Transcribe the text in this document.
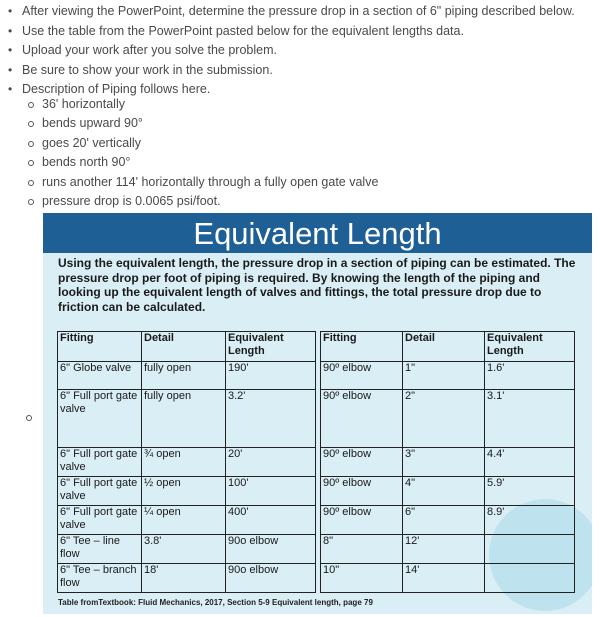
• After viewing the PowerPoint, determine the pressure drop in a section of 6" piping described below.
• Use the table from the PowerPoint pasted below for the equivalent lengths data.
• Upload your work after you solve the problem.
• Be sure to show your work in the submission.
• Description of Piping follows here.
36' horizontally
bends upward 90°
goes 20' vertically
bends north 90°
runs another 114' horizontally through a fully open gate valve
pressure drop is 0.0065 psi/foot.
Equivalent Length
Using the equivalent length, the pressure drop in a section of piping can be estimated. The pressure drop per foot of piping is required. By knowing the length of the piping and looking up the equivalent length of valves and fittings, the total pressure drop due to friction can be calculated.
Fitting	Detail	Equivalent Length		Fitting	Detail	Equivalent Length
6" Globe valve	fully open	190'		90º elbow	1"	1.6'
6" Full port gate valve	fully open	3.2'		90º elbow	2"	3.1'
6" Full port gate valve	¾ open	20'		90º elbow	3"	4.4'
6" Full port gate valve	½ open	100'		90º elbow	4"	5.9'
6" Full port gate valve	¼ open	400'		90º elbow	6"	8.9'
6" Tee – line flow	3.8'	90o elbow		8"	12'	
6" Tee – branch flow	18'	90o elbow		10"	14'	
Table fromTextbook: Fluid Mechanics, 2017, Section 5-9 Equivalent length, page 79
